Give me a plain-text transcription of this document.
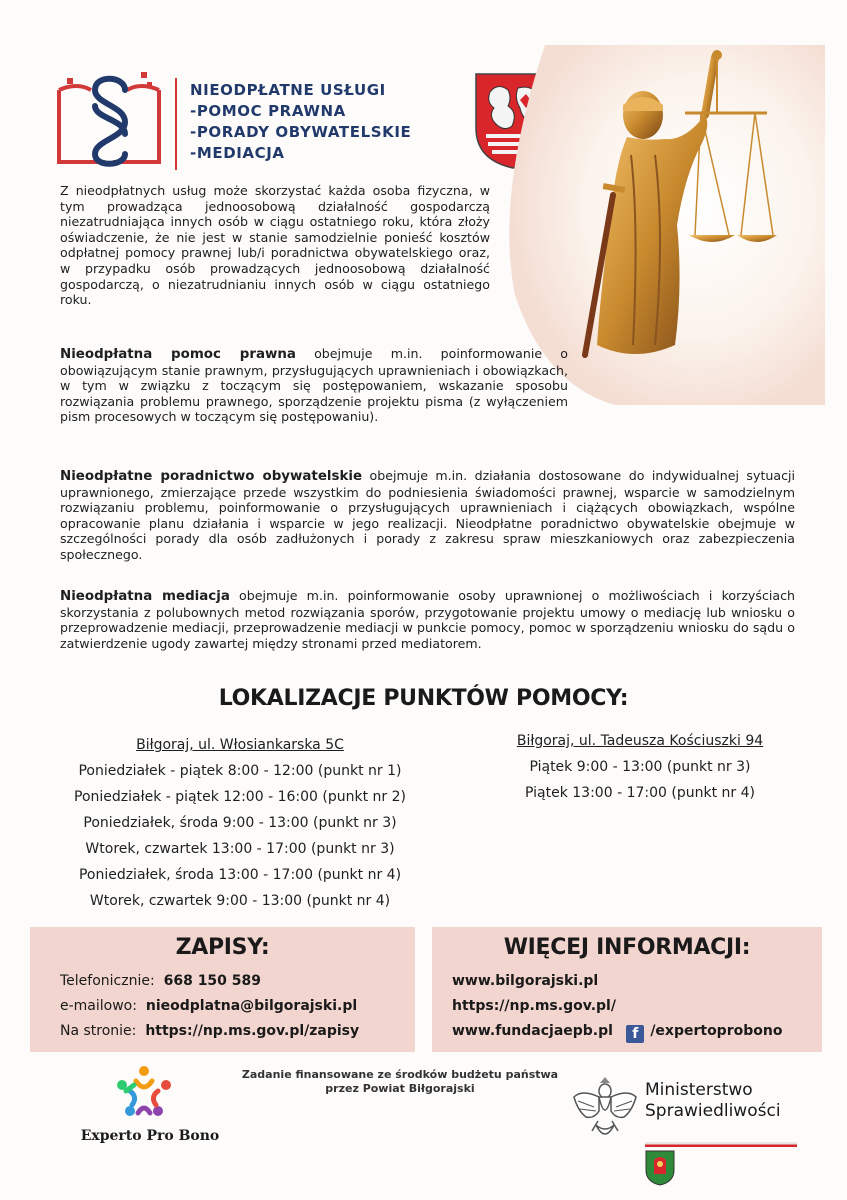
NIEODPŁATNE USŁUGI
-POMOC PRAWNA
-PORADY OBYWATELSKIE
-MEDIACJA

Z nieodpłatnych usług może skorzystać każda osoba fizyczna, w tym prowadząca jednoosobową działalność gospodarczą niezatrudniająca innych osób w ciągu ostatniego roku, która złoży oświadczenie, że nie jest w stanie samodzielnie ponieść kosztów odpłatnej pomocy prawnej lub/i poradnictwa obywatelskiego oraz, w przypadku osób prowadzących jednoosobową działalność gospodarczą, o niezatrudnianiu innych osób w ciągu ostatniego roku.

Nieodpłatna pomoc prawna obejmuje m.in. poinformowanie o obowiązującym stanie prawnym, przysługujących uprawnieniach i obowiązkach, w tym w związku z toczącym się postępowaniem, wskazanie sposobu rozwiązania problemu prawnego, sporządzenie projektu pisma (z wyłączeniem pism procesowych w toczącym się postępowaniu).

Nieodpłatne poradnictwo obywatelskie obejmuje m.in. działania dostosowane do indywidualnej sytuacji uprawnionego, zmierzające przede wszystkim do podniesienia świadomości prawnej, wsparcie w samodzielnym rozwiązaniu problemu, poinformowanie o przysługujących uprawnieniach i ciążących obowiązkach, wspólne opracowanie planu działania i wsparcie w jego realizacji. Nieodpłatne poradnictwo obywatelskie obejmuje w szczególności porady dla osób zadłużonych i porady z zakresu spraw mieszkaniowych oraz zabezpieczenia społecznego.

Nieodpłatna mediacja obejmuje m.in. poinformowanie osoby uprawnionej o możliwościach i korzyściach skorzystania z polubownych metod rozwiązania sporów, przygotowanie projektu umowy o mediację lub wniosku o przeprowadzenie mediacji, przeprowadzenie mediacji w punkcie pomocy, pomoc w sporządzeniu wniosku do sądu o zatwierdzenie ugody zawartej między stronami przed mediatorem.

LOKALIZACJE PUNKTÓW POMOCY:
Biłgoraj, ul. Włosiankarska 5C
Poniedziałek - piątek 8:00 - 12:00 (punkt nr 1)
Poniedziałek - piątek 12:00 - 16:00 (punkt nr 2)
Poniedziałek, środa 9:00 - 13:00 (punkt nr 3)
Wtorek, czwartek 13:00 - 17:00 (punkt nr 3)
Poniedziałek, środa 13:00 - 17:00 (punkt nr 4)
Wtorek, czwartek 9:00 - 13:00 (punkt nr 4)
Biłgoraj, ul. Tadeusza Kościuszki 94
Piątek 9:00 - 13:00 (punkt nr 3)
Piątek 13:00 - 17:00 (punkt nr 4)
ZAPISY:
Telefonicznie: 668 150 589
e-mailowo: nieodplatna@bilgorajski.pl
Na stronie: https://np.ms.gov.pl/zapisy
WIĘCEJ INFORMACJI:
www.bilgorajski.pl
https://np.ms.gov.pl/
www.fundacjaepb.pl f /expertoprobono
Zadanie finansowane ze środków budżetu państwa
przez Powiat Biłgorajski
Experto Pro Bono
Ministerstwo
Sprawiedliwości
